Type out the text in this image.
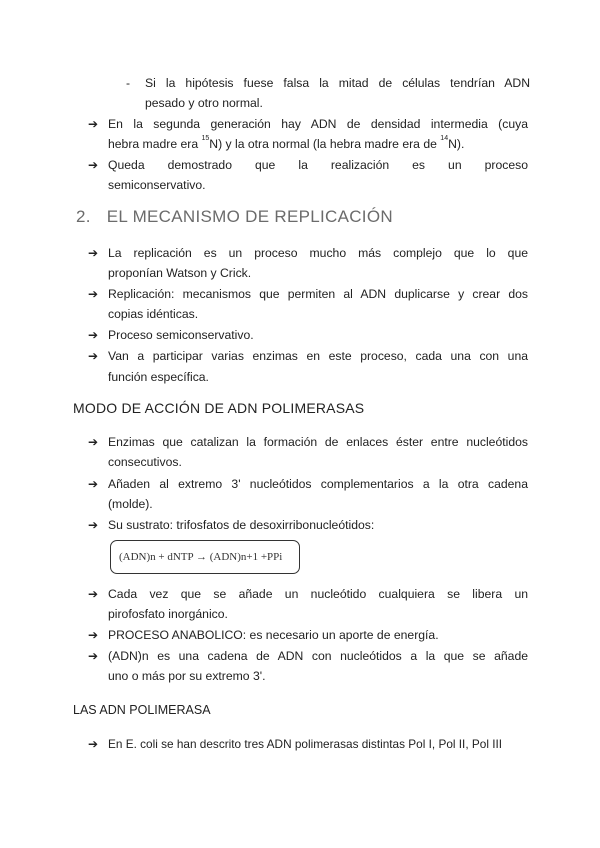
- Si la hipótesis fuese falsa la mitad de células tendrían ADN
pesado y otro normal.
➔ En la segunda generación hay ADN de densidad intermedia (cuya
hebra madre era $^{15}$N) y la otra normal (la hebra madre era de $^{14}$N).
➔ Queda demostrado que la realización es un proceso
semiconservativo.
2. EL MECANISMO DE REPLICACIÓN
➔ La replicación es un proceso mucho más complejo que lo que
proponían Watson y Crick.
➔ Replicación: mecanismos que permiten al ADN duplicarse y crear dos
copias idénticas.
➔ Proceso semiconservativo.
➔ Van a participar varias enzimas en este proceso, cada una con una
función específica.
MODO DE ACCIÓN DE ADN POLIMERASAS
➔ Enzimas que catalizan la formación de enlaces éster entre nucleótidos
consecutivos.
➔ Añaden al extremo 3' nucleótidos complementarios a la otra cadena
(molde).
➔ Su sustrato: trifosfatos de desoxirribonucleótidos:
(ADN)n + dNTP → (ADN)n+1 +PPi
➔ Cada vez que se añade un nucleótido cualquiera se libera un
pirofosfato inorgánico.
➔ PROCESO ANABOLICO: es necesario un aporte de energía.
➔ (ADN)n es una cadena de ADN con nucleótidos a la que se añade
uno o más por su extremo 3'.
LAS ADN POLIMERASA
➔ En E. coli se han descrito tres ADN polimerasas distintas Pol I, Pol II, Pol III
